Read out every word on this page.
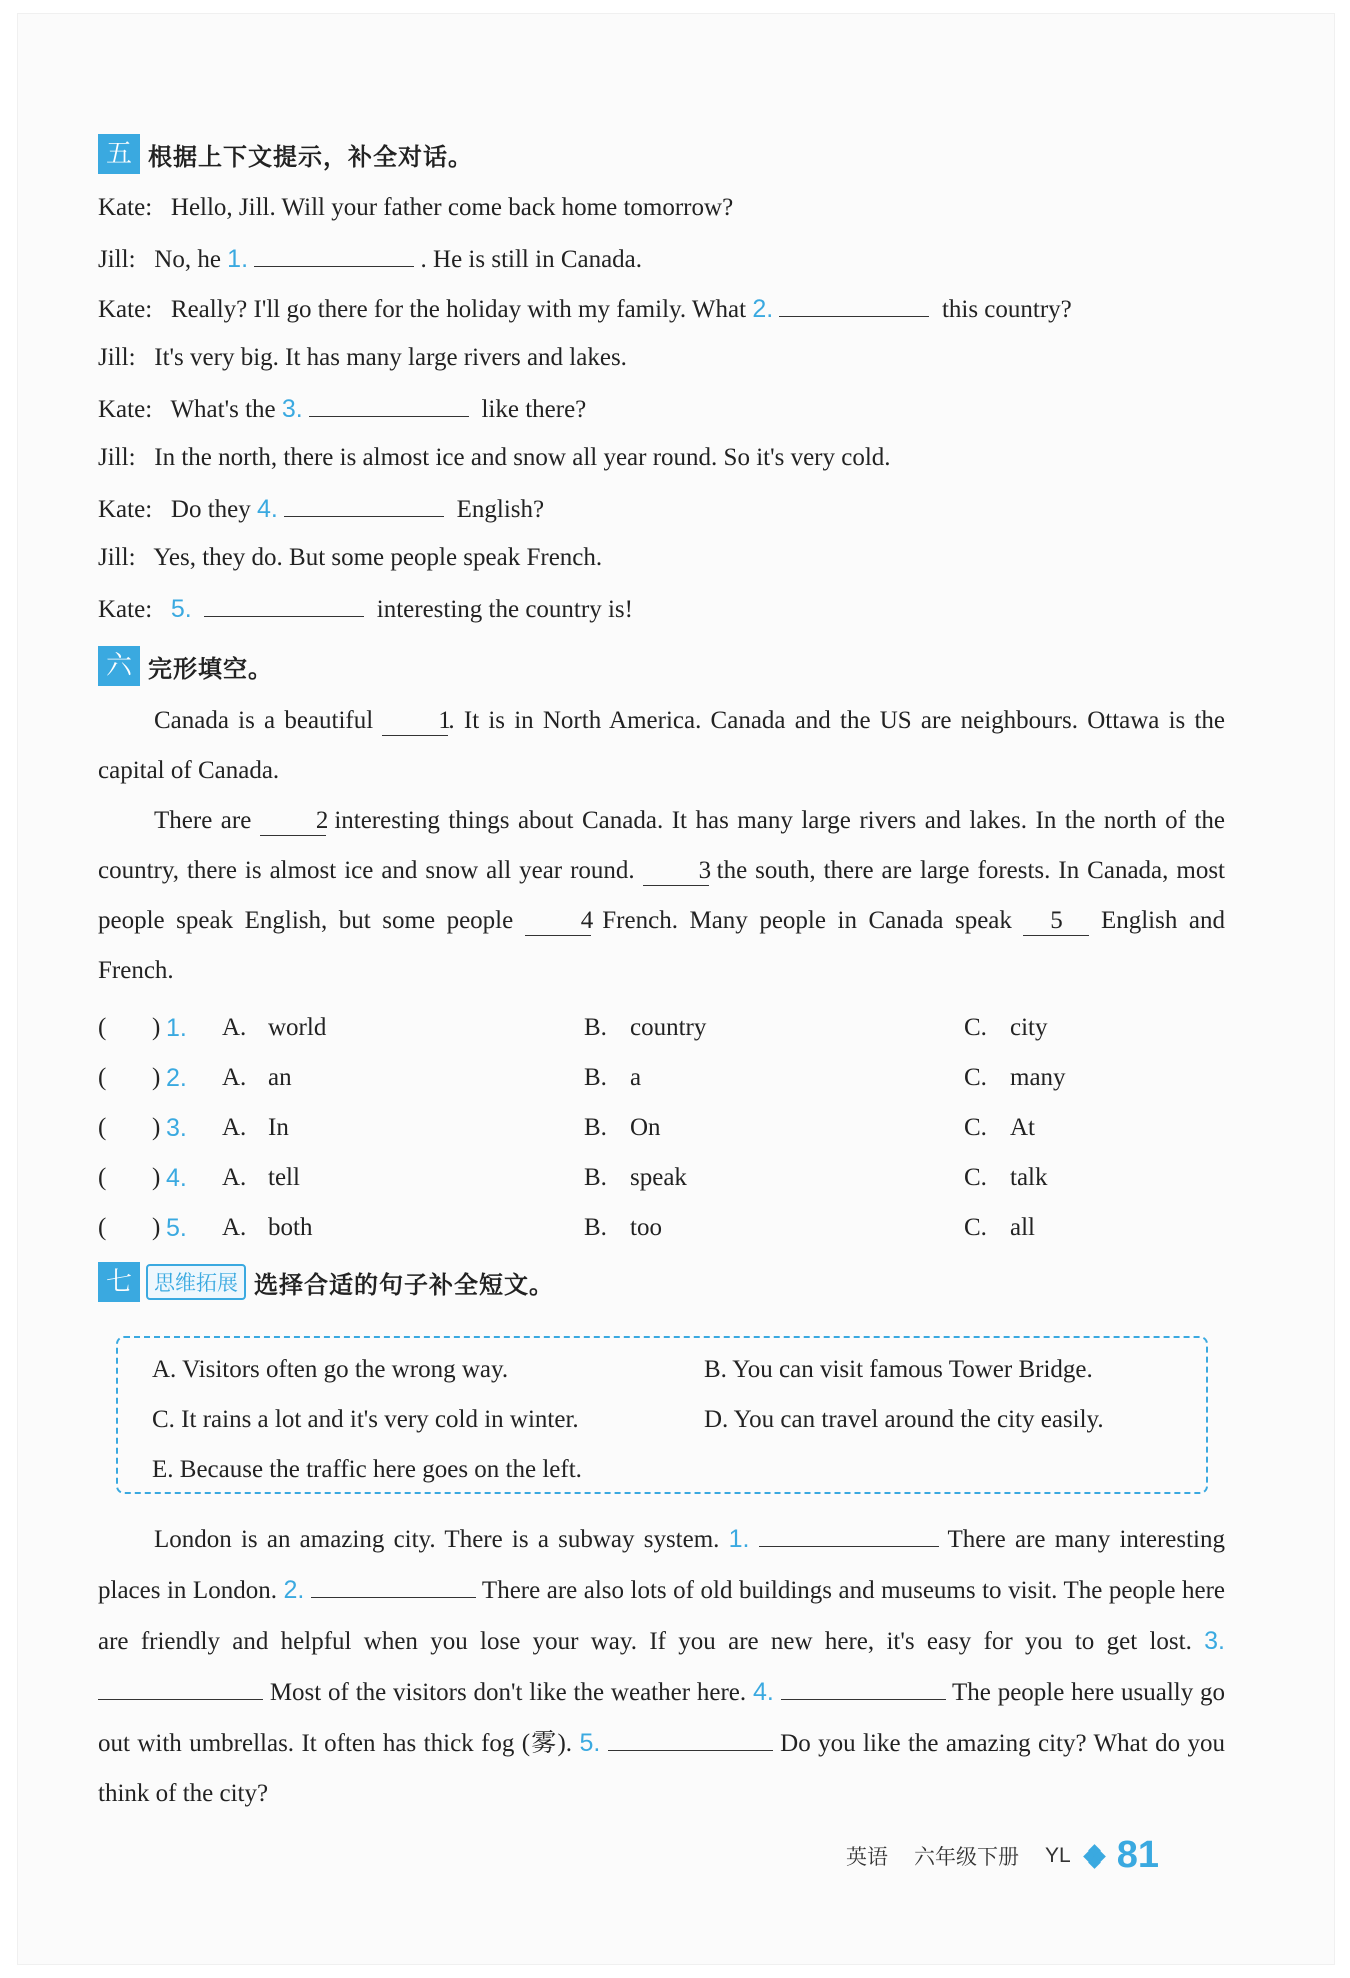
五 根据上下文提示，补全对话。
Kate: Hello, Jill. Will your father come back home tomorrow?
Jill: No, he 1.	. He is still in Canada.
Kate: Really? I'll go there for the holiday with my family. What 2.	this country?
Jill: It's very big. It has many large rivers and lakes.
Kate: What's the 3.	like there?
Jill: In the north, there is almost ice and snow all year round. So it's very cold.
Kate: Do they 4.	English?
Jill: Yes, they do. But some people speak French.
Kate: 5.	interesting the country is!
六 完形填空。
Canada is a beautiful	1. It is in North America. Canada and the US are neighbours. Ottawa is the capital of Canada.
There are	2 interesting things about Canada. It has many large rivers and lakes. In the north of the country, there is almost ice and snow all year round.	3 the south, there are large forests. In Canada, most people speak English, but some people	4 French. Many people in Canada speak 5 English and French.
( ) 1. A. world	B. country	C. city
( ) 2. A. an	B. a	C. many
( ) 3. A. In	B. On	C. At
( ) 4. A. tell	B. speak	C. talk
( ) 5. A. both	B. too	C. all
七	思维拓展 选择合适的句子补全短文。
A. Visitors often go the wrong way.	B. You can visit famous Tower Bridge.
C. It rains a lot and it's very cold in winter.	D. You can travel around the city easily.
E. Because the traffic here goes on the left.
London is an amazing city. There is a subway system. 1.	There are many interesting places in London. 2.	There are also lots of old buildings and museums to visit. The people here are friendly and helpful when you lose your way. If you are new here, it's easy for you to get lost. 3.  Most of the visitors don't like the weather here. 4.	The people here usually go out with umbrellas. It often has thick fog (雾). 5.	Do you like the amazing city? What do you think of the city?
英语 六年级下册 YL 81
